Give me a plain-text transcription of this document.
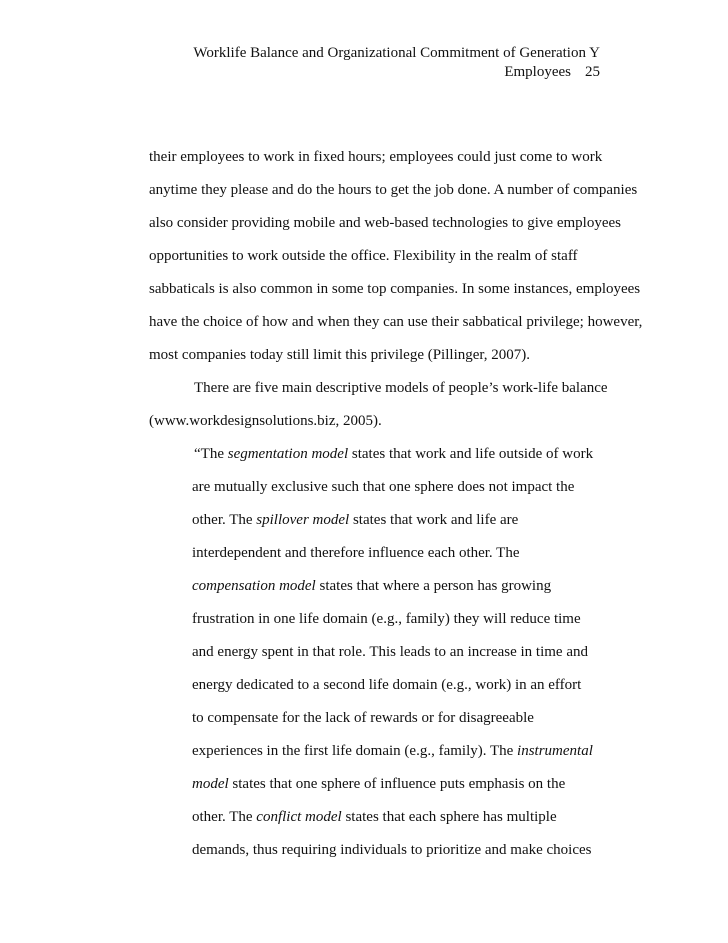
Worklife Balance and Organizational Commitment of Generation Y
Employees 25
their employees to work in fixed hours; employees could just come to work
anytime they please and do the hours to get the job done. A number of companies
also consider providing mobile and web-based technologies to give employees
opportunities to work outside the office. Flexibility in the realm of staff
sabbaticals is also common in some top companies. In some instances, employees
have the choice of how and when they can use their sabbatical privilege; however,
most companies today still limit this privilege (Pillinger, 2007).
There are five main descriptive models of people’s work-life balance
(www.workdesignsolutions.biz, 2005).
“The segmentation model states that work and life outside of work
are mutually exclusive such that one sphere does not impact the
other. The spillover model states that work and life are
interdependent and therefore influence each other. The
compensation model states that where a person has growing
frustration in one life domain (e.g., family) they will reduce time
and energy spent in that role. This leads to an increase in time and
energy dedicated to a second life domain (e.g., work) in an effort
to compensate for the lack of rewards or for disagreeable
experiences in the first life domain (e.g., family). The instrumental
model states that one sphere of influence puts emphasis on the
other. The conflict model states that each sphere has multiple
demands, thus requiring individuals to prioritize and make choices
